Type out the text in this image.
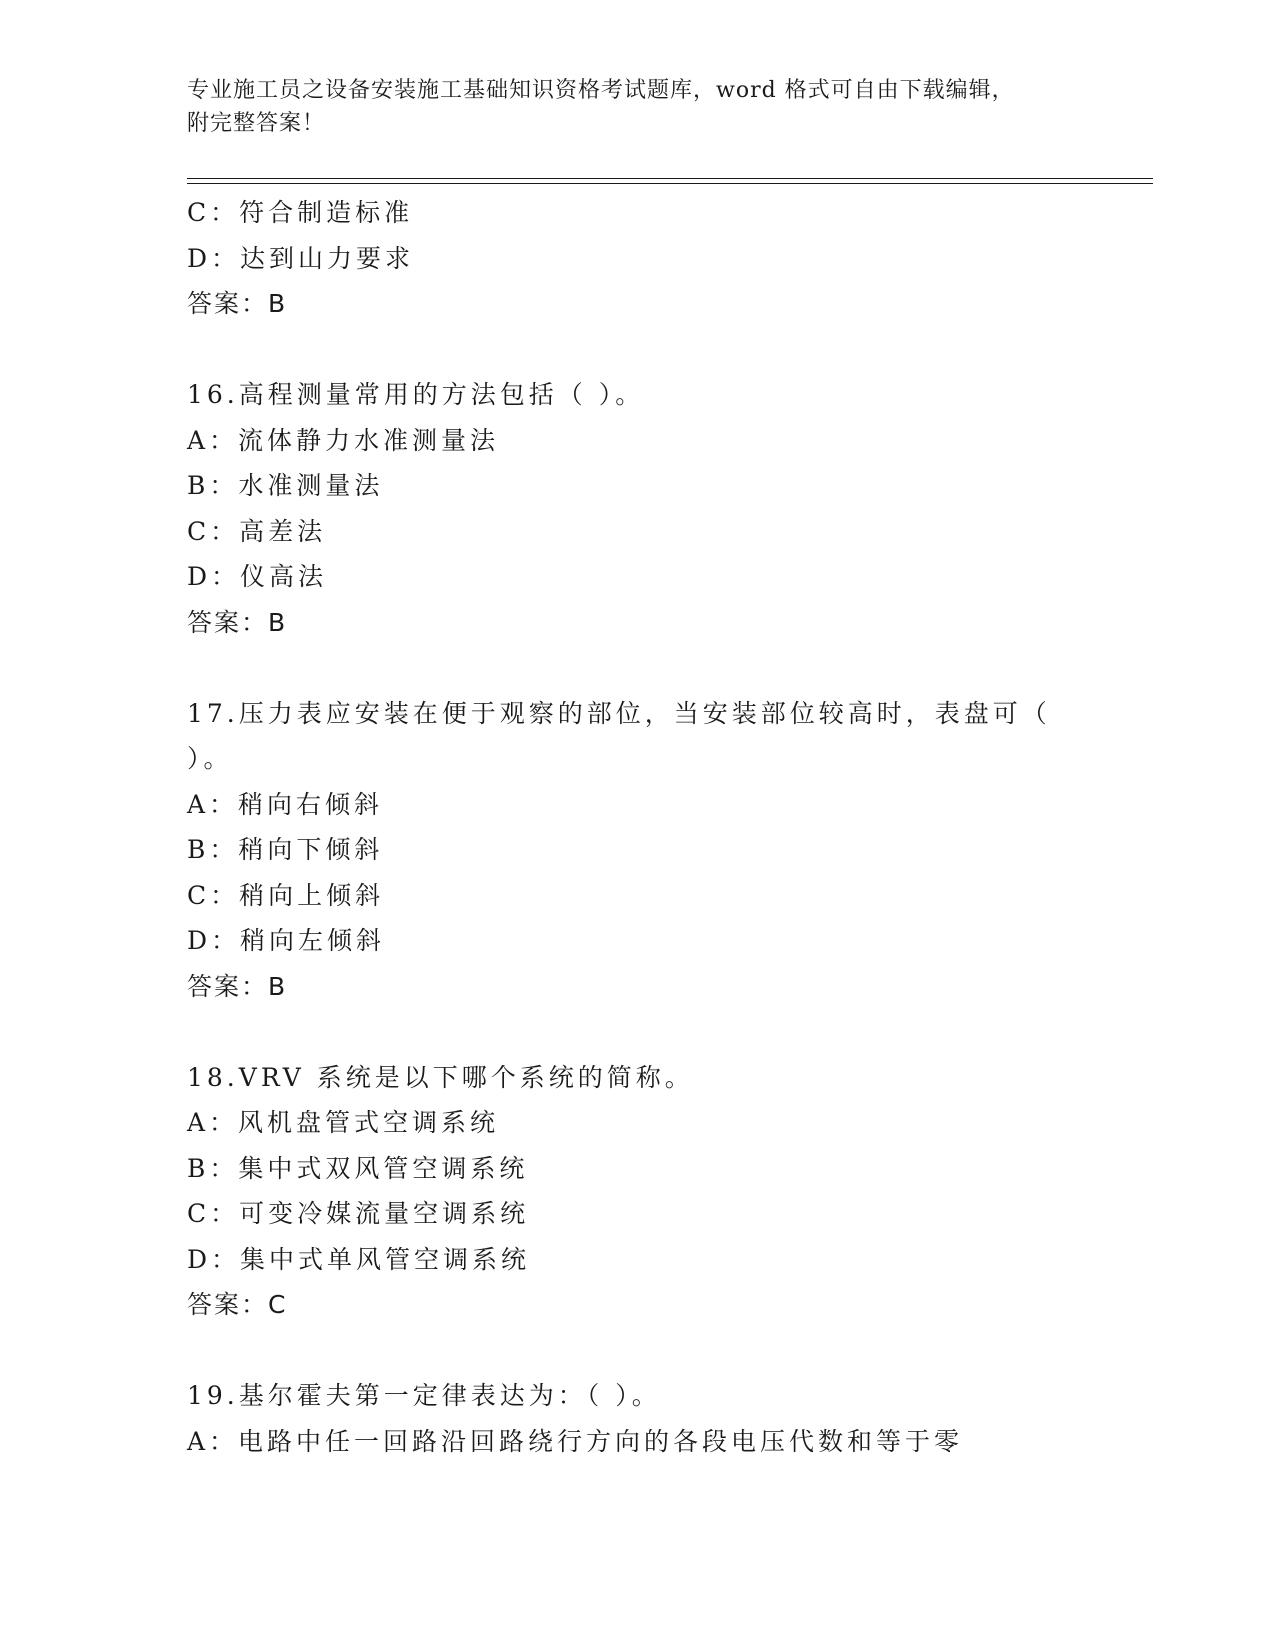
专业施工员之设备安装施工基础知识资格考试题库，word 格式可自由下载编辑，
附完整答案！
C：符合制造标准
D：达到山力要求
答案：B
16.高程测量常用的方法包括（ ）。
A：流体静力水准测量法
B：水准测量法
C：高差法
D：仪高法
答案：B
17.压力表应安装在便于观察的部位，当安装部位较高时，表盘可（
）。
A：稍向右倾斜
B：稍向下倾斜
C：稍向上倾斜
D：稍向左倾斜
答案：B
18.VRV 系统是以下哪个系统的简称。
A：风机盘管式空调系统
B：集中式双风管空调系统
C：可变冷媒流量空调系统
D：集中式单风管空调系统
答案：C
19.基尔霍夫第一定律表达为：（ ）。
A：电路中任一回路沿回路绕行方向的各段电压代数和等于零
